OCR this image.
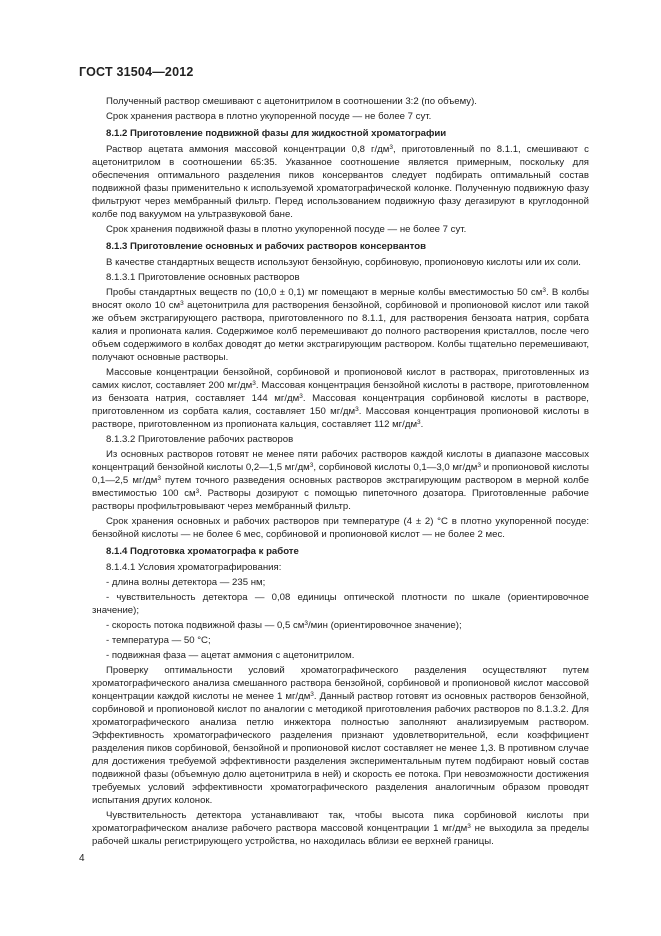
ГОСТ 31504—2012

Полученный раствор смешивают с ацетонитрилом в соотношении 3:2 (по объему).

Срок хранения раствора в плотно укупоренной посуде — не более 7 сут.

8.1.2 Приготовление подвижной фазы для жидкостной хроматографии

Раствор ацетата аммония массовой концентрации 0,8 $г/дм^3$, приготовленный по 8.1.1, смешивают с ацетонитрилом в соотношении 65:35. Указанное соотношение является примерным, поскольку для обеспечения оптимального разделения пиков консервантов следует подбирать оптимальный состав подвижной фазы применительно к используемой хроматографической колонке. Полученную подвижную фазу фильтруют через мембранный фильтр. Перед использованием подвижную фазу дегазируют в круглодонной колбе под вакуумом на ультразвуковой бане.

Срок хранения подвижной фазы в плотно укупоренной посуде — не более 7 сут.

8.1.3 Приготовление основных и рабочих растворов консервантов

В качестве стандартных веществ используют бензойную, сорбиновую, пропионовую кислоты или их соли.

8.1.3.1 Приготовление основных растворов

Пробы стандартных веществ по (10,0 ± 0,1) мг помещают в мерные колбы вместимостью 50 $см^3$. В колбы вносят около 10 $см^3$ ацетонитрила для растворения бензойной, сорбиновой и пропионовой кислот или такой же объем экстрагирующего раствора, приготовленного по 8.1.1, для растворения бензоата натрия, сорбата калия и пропионата калия. Содержимое колб перемешивают до полного растворения кристаллов, после чего объем содержимого в колбах доводят до метки экстрагирующим раствором. Колбы тщательно перемешивают, получают основные растворы.

Массовые концентрации бензойной, сорбиновой и пропионовой кислот в растворах, приготовленных из самих кислот, составляет 200 $мг/дм^3$. Массовая концентрация бензойной кислоты в растворе, приготовленном из бензоата натрия, составляет 144 $мг/дм^3$. Массовая концентрация сорбиновой кислоты в растворе, приготовленном из сорбата калия, составляет 150 $мг/дм^3$. Массовая концентрация пропионовой кислоты в растворе, приготовленном из пропионата кальция, составляет 112 $мг/дм^3$.

8.1.3.2 Приготовление рабочих растворов

Из основных растворов готовят не менее пяти рабочих растворов каждой кислоты в диапазоне массовых концентраций бензойной кислоты 0,2—1,5 $мг/дм^3$, сорбиновой кислоты 0,1—3,0 $мг/дм^3$ и пропионовой кислоты 0,1—2,5 $мг/дм^3$ путем точного разведения основных растворов экстрагирующим раствором в мерной колбе вместимостью 100 $см^3$. Растворы дозируют с помощью пипеточного дозатора. Приготовленные рабочие растворы профильтровывают через мембранный фильтр.

Срок хранения основных и рабочих растворов при температуре (4 ± 2) °С в плотно укупоренной посуде: бензойной кислоты — не более 6 мес, сорбиновой и пропионовой кислот — не более 2 мес.

8.1.4 Подготовка хроматографа к работе

8.1.4.1 Условия хроматографирования:

- длина волны детектора — 235 нм;

- чувствительность детектора — 0,08 единицы оптической плотности по шкале (ориентировочное значение);

- скорость потока подвижной фазы — 0,5 $см^3$/мин (ориентировочное значение);

- температура — 50 °С;

- подвижная фаза — ацетат аммония с ацетонитрилом.

Проверку оптимальности условий хроматографического разделения осуществляют путем хроматографического анализа смешанного раствора бензойной, сорбиновой и пропионовой кислот массовой концентрации каждой кислоты не менее 1 $мг/дм^3$. Данный раствор готовят из основных растворов бензойной, сорбиновой и пропионовой кислот по аналогии с методикой приготовления рабочих растворов по 8.1.3.2. Для хроматографического анализа петлю инжектора полностью заполняют анализируемым раствором. Эффективность хроматографического разделения признают удовлетворительной, если коэффициент разделения пиков сорбиновой, бензойной и пропионовой кислот составляет не менее 1,3. В противном случае для достижения требуемой эффективности разделения экспериментальным путем подбирают новый состав подвижной фазы (объемную долю ацетонитрила в ней) и скорость ее потока. При невозможности достижения требуемых условий эффективности хроматографического разделения аналогичным образом проводят испытания других колонок.

Чувствительность детектора устанавливают так, чтобы высота пика сорбиновой кислоты при хроматографическом анализе рабочего раствора массовой концентрации 1 $мг/дм^3$ не выходила за пределы рабочей шкалы регистрирующего устройства, но находилась вблизи ее верхней границы.

4
